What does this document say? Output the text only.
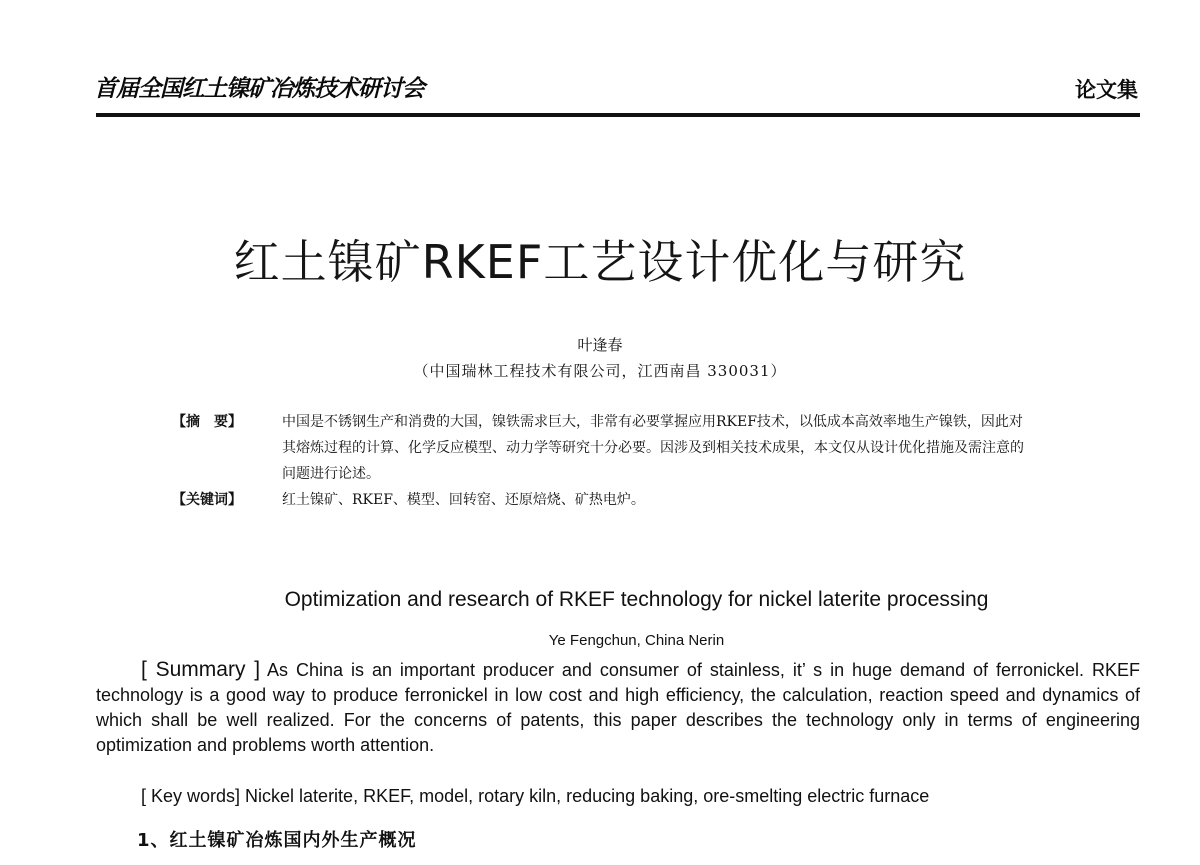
首届全国红土镍矿冶炼技术研讨会	论文集
红土镍矿RKEF工艺设计优化与研究
叶逢春
（中国瑞林工程技术有限公司，江西南昌 330031）
【摘　要】	中国是不锈钢生产和消费的大国，镍铁需求巨大，非常有必要掌握应用RKEF技术，以低成本高效率地生产镍铁，因此对其熔炼过程的计算、化学反应模型、动力学等研究十分必要。因涉及到相关技术成果，本文仅从设计优化措施及需注意的问题进行论述。
【关键词】	红土镍矿、RKEF、模型、回转窑、还原焙烧、矿热电炉。
Optimization and research of RKEF technology for nickel laterite processing
Ye Fengchun, China Nerin
[ Summary ] As China is an important producer and consumer of stainless, it’ s in huge demand of ferronickel. RKEF technology is a good way to produce ferronickel in low cost and high efficiency, the calculation, reaction speed and dynamics of which shall be well realized. For the concerns of patents, this paper describes the technology only in terms of engineering optimization and problems worth attention.
[ Key words] Nickel laterite, RKEF, model, rotary kiln, reducing baking, ore-smelting electric furnace
1、红土镍矿冶炼国内外生产概况
